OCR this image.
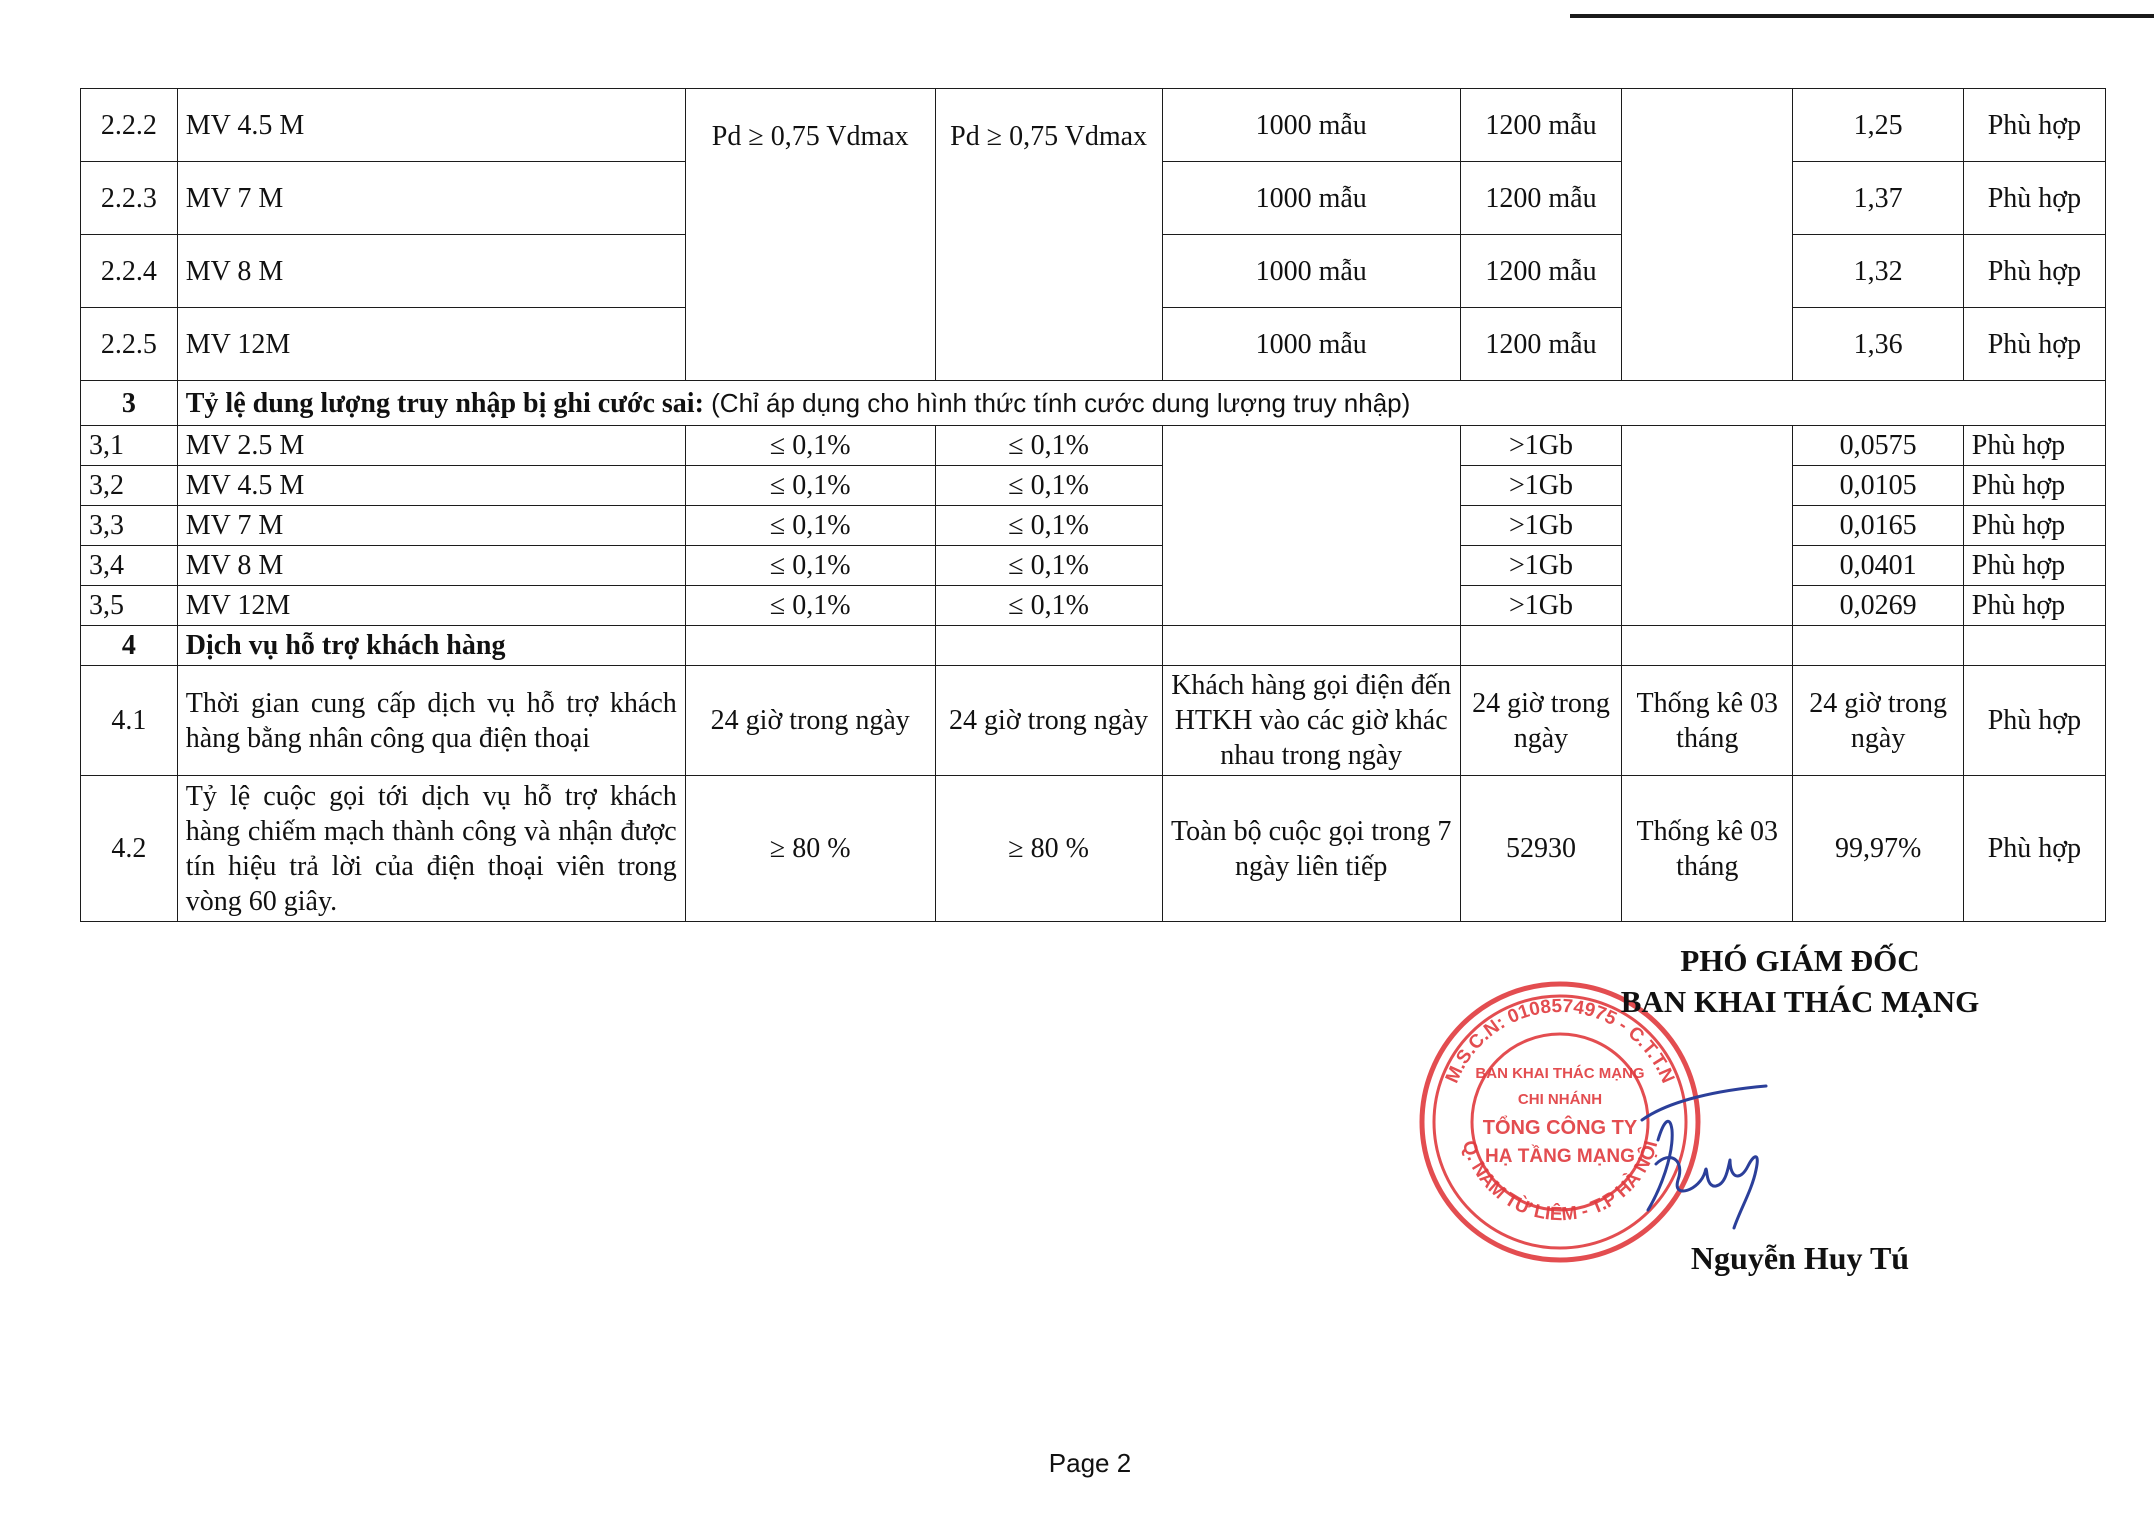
2.2.2	MV 4.5 M	Pd ≥ 0,75 Vdmax	Pd ≥ 0,75 Vdmax	1000 mẫu	1200 mẫu		1,25	Phù hợp
2.2.3	MV 7 M			1000 mẫu	1200 mẫu		1,37	Phù hợp
2.2.4	MV 8 M			1000 mẫu	1200 mẫu		1,32	Phù hợp
2.2.5	MV 12M			1000 mẫu	1200 mẫu		1,36	Phù hợp
3	Tỷ lệ dung lượng truy nhập bị ghi cước sai: (Chỉ áp dụng cho hình thức tính cước dung lượng truy nhập)							
3,1	MV 2.5 M	≤ 0,1%	≤ 0,1%		>1Gb		0,0575	Phù hợp
3,2	MV 4.5 M	≤ 0,1%	≤ 0,1%		>1Gb		0,0105	Phù hợp
3,3	MV 7 M	≤ 0,1%	≤ 0,1%		>1Gb		0,0165	Phù hợp
3,4	MV 8 M	≤ 0,1%	≤ 0,1%		>1Gb		0,0401	Phù hợp
3,5	MV 12M	≤ 0,1%	≤ 0,1%		>1Gb		0,0269	Phù hợp
4	Dịch vụ hỗ trợ khách hàng							
4.1	Thời gian cung cấp dịch vụ hỗ trợ khách hàng bằng nhân công qua điện thoại	24 giờ trong ngày	24 giờ trong ngày	Khách hàng gọi điện đến HTKH vào các giờ khác nhau trong ngày	24 giờ trong ngày	Thống kê 03 tháng	24 giờ trong ngày	Phù hợp
4.2	Tỷ lệ cuộc gọi tới dịch vụ hỗ trợ khách hàng chiếm mạch thành công và nhận được tín hiệu trả lời của điện thoại viên trong vòng 60 giây.	≥ 80 %	≥ 80 %	Toàn bộ cuộc gọi trong 7 ngày liên tiếp	52930	Thống kê 03 tháng	99,97%	Phù hợp
PHÓ GIÁM ĐỐC
BAN KHAI THÁC MẠNG
M.S.C.N: 0108574975 - C.T.T.N
Q. NAM TỪ LIÊM - T.P HÀ NỘI
BAN KHAI THÁC MẠNG
CHI NHÁNH
TỔNG CÔNG TY
HẠ TẦNG MẠNG
Nguyễn Huy Tú
Page 2
